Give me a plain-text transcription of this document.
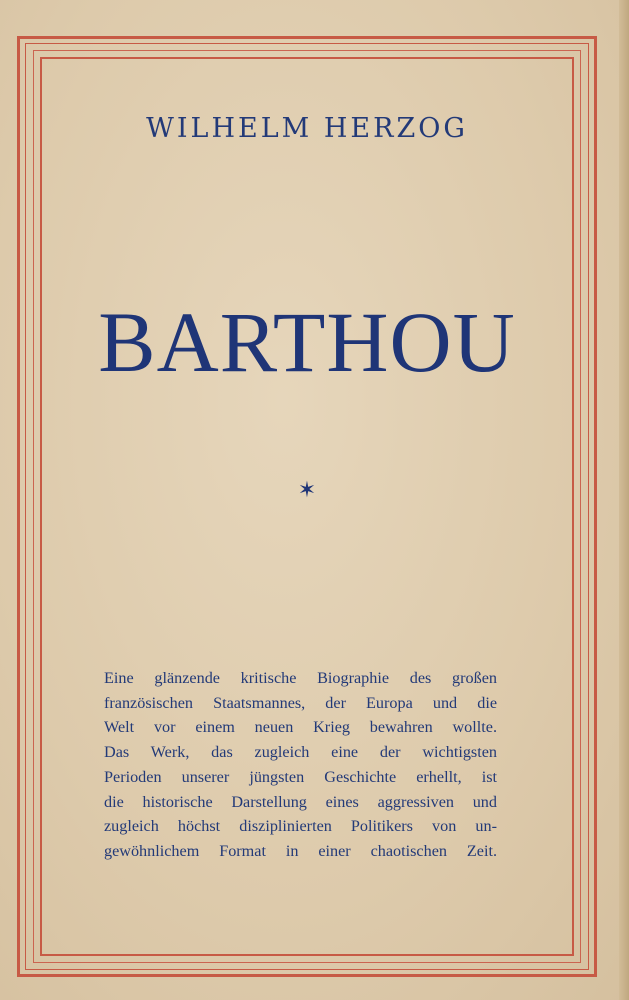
WILHELM HERZOG
BARTHOU
✶
Eine glänzende kritische Biographie des großen
französischen Staatsmannes, der Europa und die
Welt vor einem neuen Krieg bewahren wollte.
Das Werk, das zugleich eine der wichtigsten
Perioden unserer jüngsten Geschichte erhellt, ist
die historische Darstellung eines aggressiven und
zugleich höchst disziplinierten Politikers von un-
gewöhnlichem Format in einer chaotischen Zeit.
